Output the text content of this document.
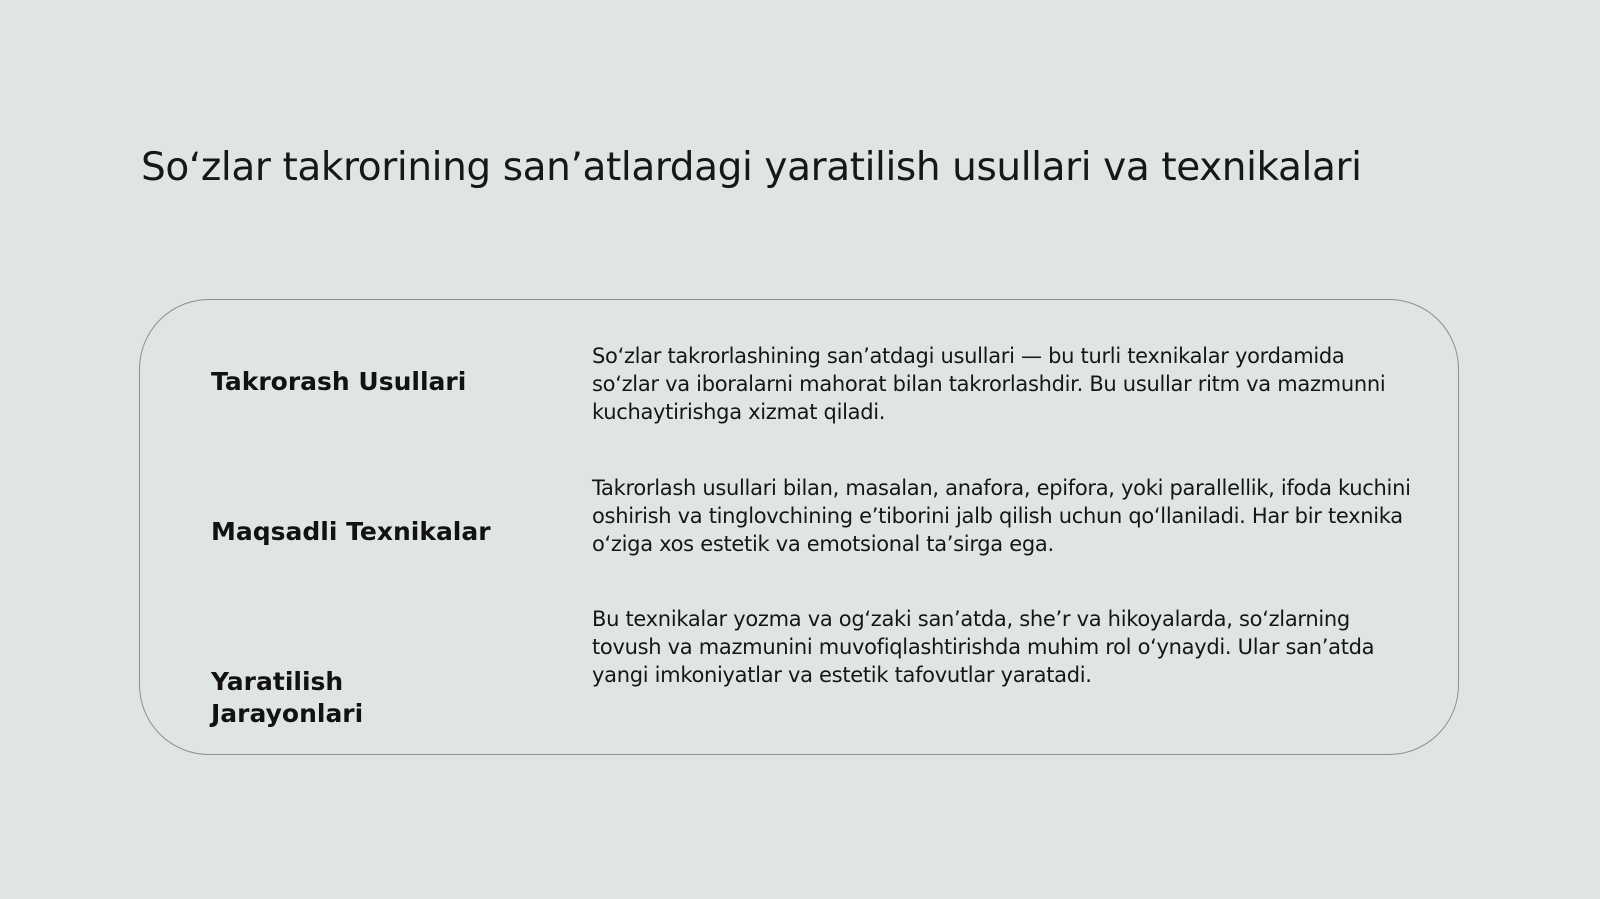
So‘zlar takrorining san’atlardagi yaratilish usullari va texnikalari
Takrorash Usullari

So‘zlar takrorlashining san’atdagi usullari — bu turli texnikalar yordamida so‘zlar va iboralarni mahorat bilan takrorlashdir. Bu usullar ritm va mazmunni kuchaytirishga xizmat qiladi.

Maqsadli Texnikalar

Takrorlash usullari bilan, masalan, anafora, epifora, yoki parallellik, ifoda kuchini oshirish va tinglovchining e’tiborini jalb qilish uchun qo‘llaniladi. Har bir texnika o‘ziga xos estetik va emotsional ta’sirga ega.

Yaratilish Jarayonlari

Bu texnikalar yozma va og‘zaki san’atda, she’r va hikoyalarda, so‘zlarning tovush va mazmunini muvofiqlashtirishda muhim rol o‘ynaydi. Ular san’atda yangi imkoniyatlar va estetik tafovutlar yaratadi.
